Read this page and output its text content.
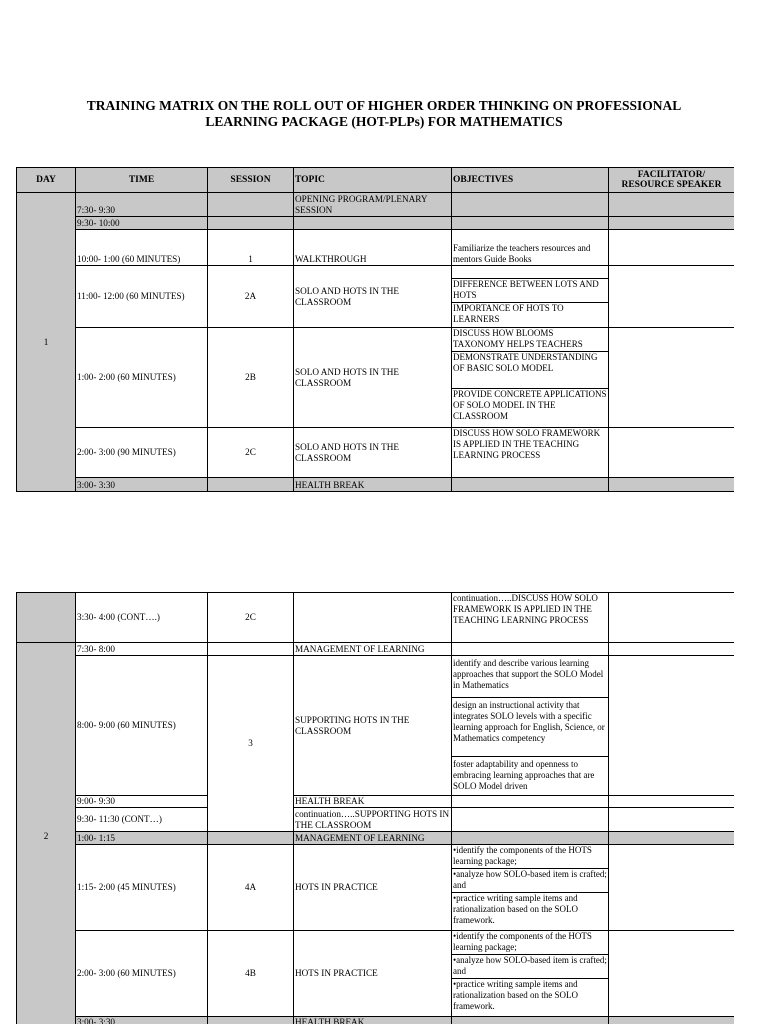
TRAINING MATRIX ON THE ROLL OUT OF HIGHER ORDER THINKING ON PROFESSIONAL
LEARNING PACKAGE (HOT-PLPs) FOR MATHEMATICS
DAY	TIME	SESSION	TOPIC	OBJECTIVES	FACILITATOR/
RESOURCE SPEAKER

1	7:30- 9:30		OPENING PROGRAM/PLENARY SESSION		
	9:30- 10:00				
	10:00- 1:00 (60 MINUTES)	1	WALKTHROUGH	Familiarize the teachers resources and mentors Guide Books	
	11:00- 12:00 (60 MINUTES)	2A	SOLO AND HOTS IN THE CLASSROOM	DIFFERENCE BETWEEN LOTS AND HOTS
IMPORTANCE OF HOTS TO LEARNERS	

	1:00- 2:00 (60 MINUTES)	2B	SOLO AND HOTS IN THE CLASSROOM	DISCUSS HOW BLOOMS TAXONOMY HELPS TEACHERS
DEMONSTRATE UNDERSTANDING OF BASIC SOLO MODEL
PROVIDE CONCRETE APPLICATIONS OF SOLO MODEL IN THE CLASSROOM	

	2:00- 3:00 (90 MINUTES)	2C	SOLO AND HOTS IN THE CLASSROOM	DISCUSS HOW SOLO FRAMEWORK IS APPLIED IN THE TEACHING LEARNING PROCESS	

	3:00- 3:30		HEALTH BREAK		
	3:30- 4:00 (CONT….)	2C		continuation…..DISCUSS HOW SOLO FRAMEWORK IS APPLIED IN THE TEACHING LEARNING PROCESS	
2	7:30- 8:00		MANAGEMENT OF LEARNING		
	8:00- 9:00 (60 MINUTES)	3	SUPPORTING HOTS IN THE CLASSROOM	identify and describe various learning approaches that support the SOLO Model in Mathematics
design an instructional activity that integrates SOLO levels with a specific learning approach for English, Science, or Mathematics competency
foster adaptability and openness to embracing learning approaches that are SOLO Model driven	

	9:00- 9:30		HEALTH BREAK		
	9:30- 11:30 (CONT…)		continuation…..SUPPORTING HOTS IN THE CLASSROOM		
	1:00- 1:15		MANAGEMENT OF LEARNING		
	1:15- 2:00 (45 MINUTES)	4A	HOTS IN PRACTICE	•identify the components of the HOTS learning package;
•analyze how SOLO-based item is crafted; and
•practice writing sample items and rationalization based on the SOLO framework.	

	2:00- 3:00 (60 MINUTES)	4B	HOTS IN PRACTICE	•identify the components of the HOTS learning package;
•analyze how SOLO-based item is crafted; and
•practice writing sample items and rationalization based on the SOLO framework.	

	3:00- 3:30		HEALTH BREAK		
